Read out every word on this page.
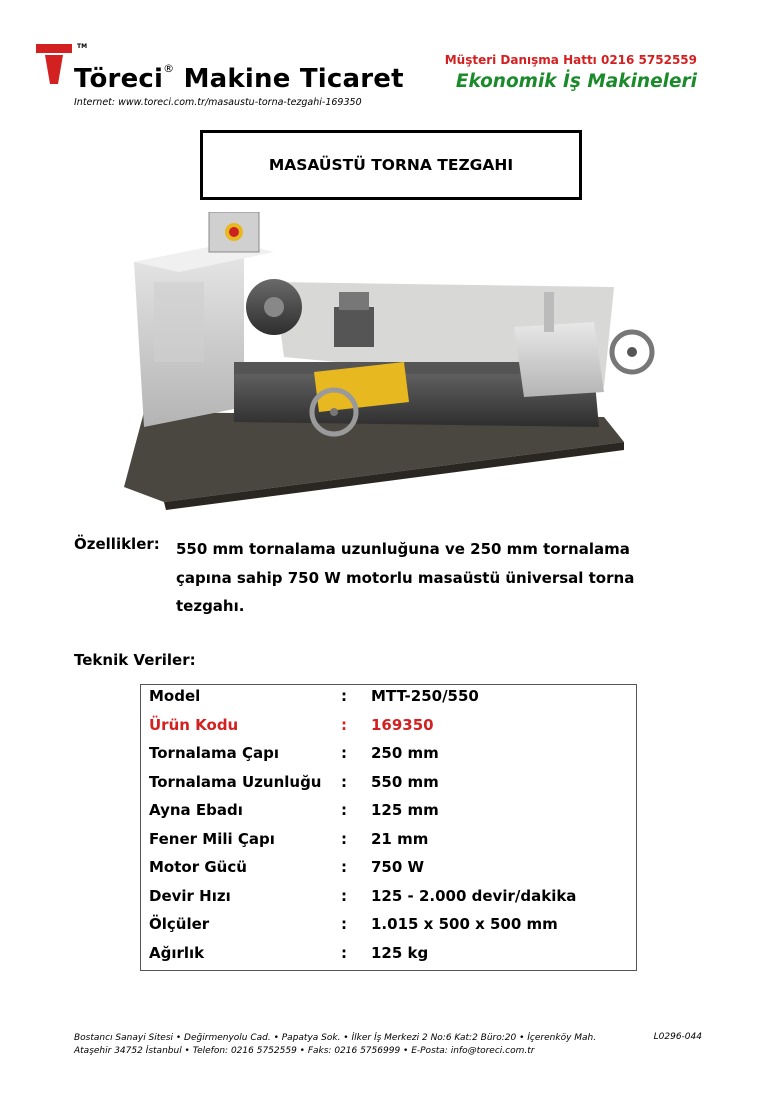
TM
Töreci® Makine Ticaret
Internet: www.toreci.com.tr/masaustu-torna-tezgahi-169350
Müşteri Danışma Hattı 0216 5752559
Ekonomik İş Makineleri
MASAÜSTÜ TORNA TEZGAHI
Özellikler: 550 mm tornalama uzunluğuna ve 250 mm tornalama
çapına sahip 750 W motorlu masaüstü üniversal torna
tezgahı.
Teknik Veriler:
Model	: MTT-250/550
Ürün Kodu	: 169350
Tornalama Çapı	: 250 mm
Tornalama Uzunluğu : 550 mm
Ayna Ebadı	: 125 mm
Fener Mili Çapı	: 21 mm
Motor Gücü	: 750 W
Devir Hızı	: 125 - 2.000 devir/dakika
Ölçüler	: 1.015 x 500 x 500 mm
Ağırlık	: 125 kg
Bostancı Sanayi Sitesi • Değirmenyolu Cad. • Papatya Sok. • İlker İş Merkezi 2 No:6 Kat:2 Büro:20 • İçerenköy Mah.
Ataşehir 34752 İstanbul • Telefon: 0216 5752559 • Faks: 0216 5756999 • E-Posta: info@toreci.com.tr
L0296-044
